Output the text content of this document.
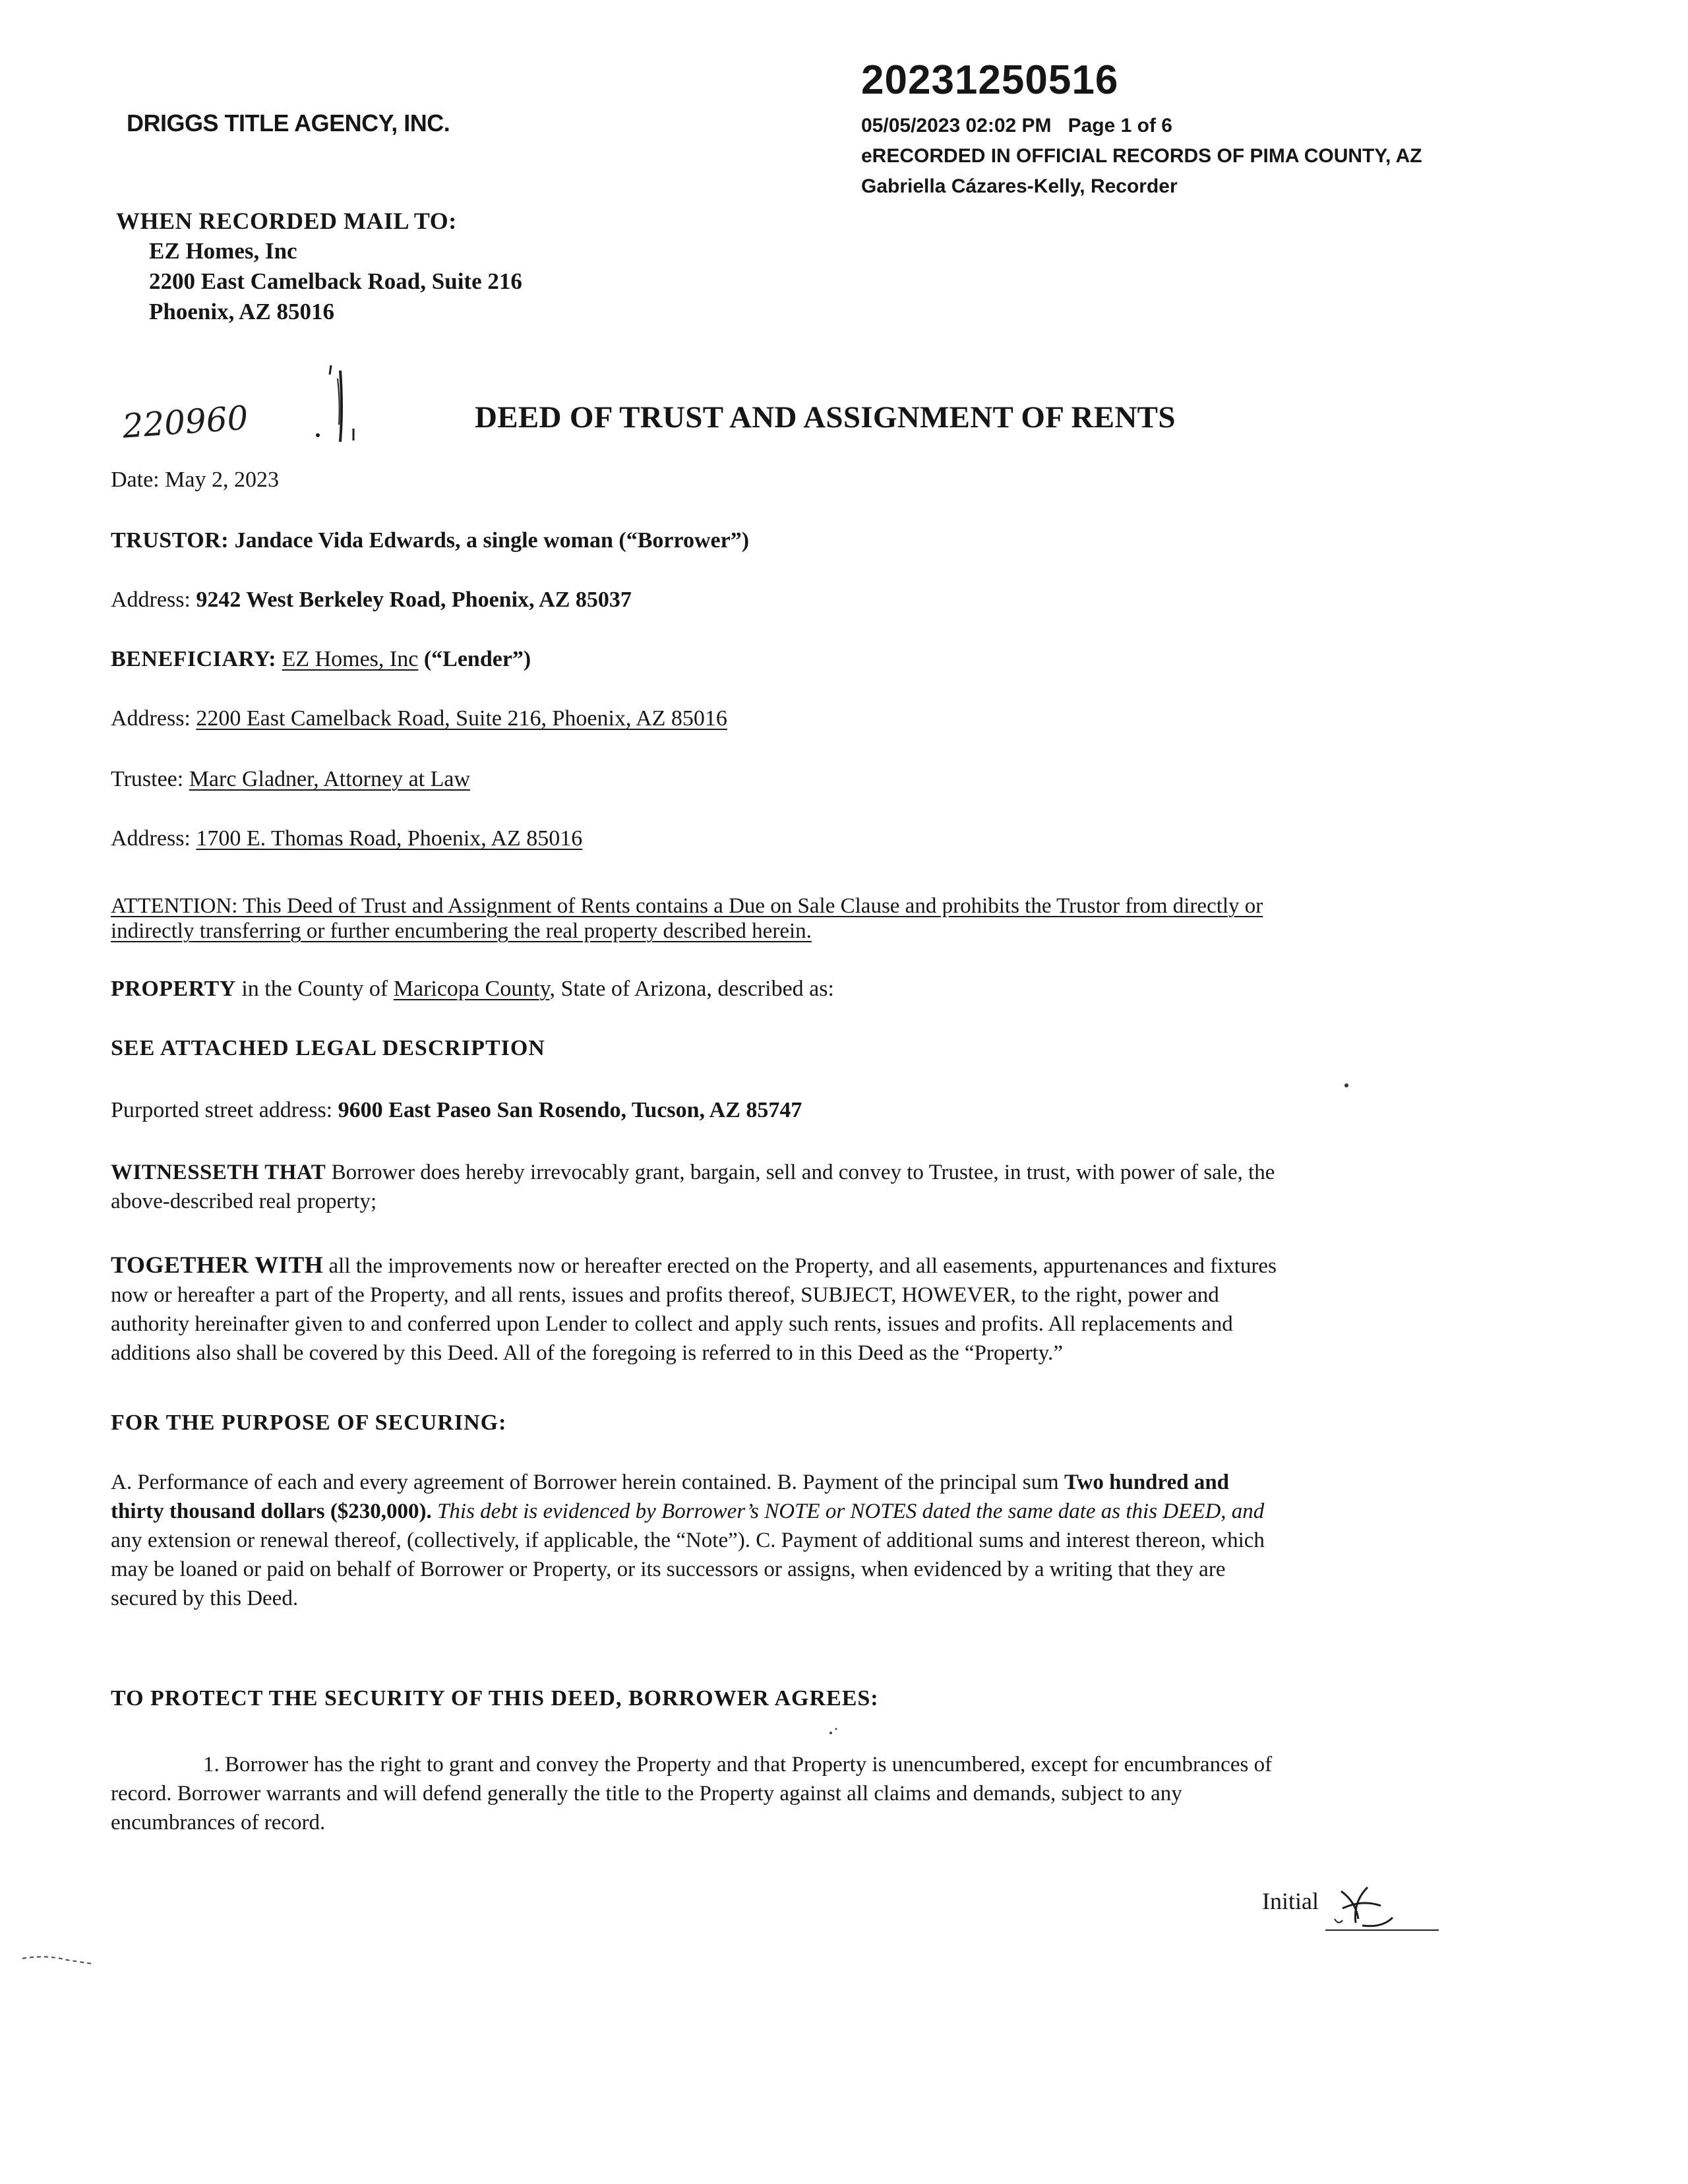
DRIGGS TITLE AGENCY, INC.
20231250516
05/05/2023 02:02 PM Page 1 of 6
eRECORDED IN OFFICIAL RECORDS OF PIMA COUNTY, AZ
Gabriella Cázares-Kelly, Recorder
WHEN RECORDED MAIL TO:
EZ Homes, Inc
2200 East Camelback Road, Suite 216
Phoenix, AZ 85016
220960	DEED OF TRUST AND ASSIGNMENT OF RENTS
Date: May 2, 2023
TRUSTOR: Jandace Vida Edwards, a single woman (“Borrower”)
Address: 9242 West Berkeley Road, Phoenix, AZ 85037
BENEFICIARY: EZ Homes, Inc (“Lender”)
Address: 2200 East Camelback Road, Suite 216, Phoenix, AZ 85016
Trustee: Marc Gladner, Attorney at Law
Address: 1700 E. Thomas Road, Phoenix, AZ 85016
ATTENTION: This Deed of Trust and Assignment of Rents contains a Due on Sale Clause and prohibits the Trustor from directly or
indirectly transferring or further encumbering the real property described herein.
PROPERTY in the County of Maricopa County, State of Arizona, described as:
SEE ATTACHED LEGAL DESCRIPTION
Purported street address: 9600 East Paseo San Rosendo, Tucson, AZ 85747
WITNESSETH THAT Borrower does hereby irrevocably grant, bargain, sell and convey to Trustee, in trust, with power of sale, the
above-described real property;
TOGETHER WITH all the improvements now or hereafter erected on the Property, and all easements, appurtenances and fixtures
now or hereafter a part of the Property, and all rents, issues and profits thereof, SUBJECT, HOWEVER, to the right, power and
authority hereinafter given to and conferred upon Lender to collect and apply such rents, issues and profits. All replacements and
additions also shall be covered by this Deed. All of the foregoing is referred to in this Deed as the “Property.”
FOR THE PURPOSE OF SECURING:
A. Performance of each and every agreement of Borrower herein contained. B. Payment of the principal sum Two hundred and
thirty thousand dollars ($230,000). This debt is evidenced by Borrower’s NOTE or NOTES dated the same date as this DEED, and
any extension or renewal thereof, (collectively, if applicable, the “Note”). C. Payment of additional sums and interest thereon, which
may be loaned or paid on behalf of Borrower or Property, or its successors or assigns, when evidenced by a writing that they are
secured by this Deed.
TO PROTECT THE SECURITY OF THIS DEED, BORROWER AGREES:
1. Borrower has the right to grant and convey the Property and that Property is unencumbered, except for encumbrances of
record. Borrower warrants and will defend generally the title to the Property against all claims and demands, subject to any
encumbrances of record.
Initial
